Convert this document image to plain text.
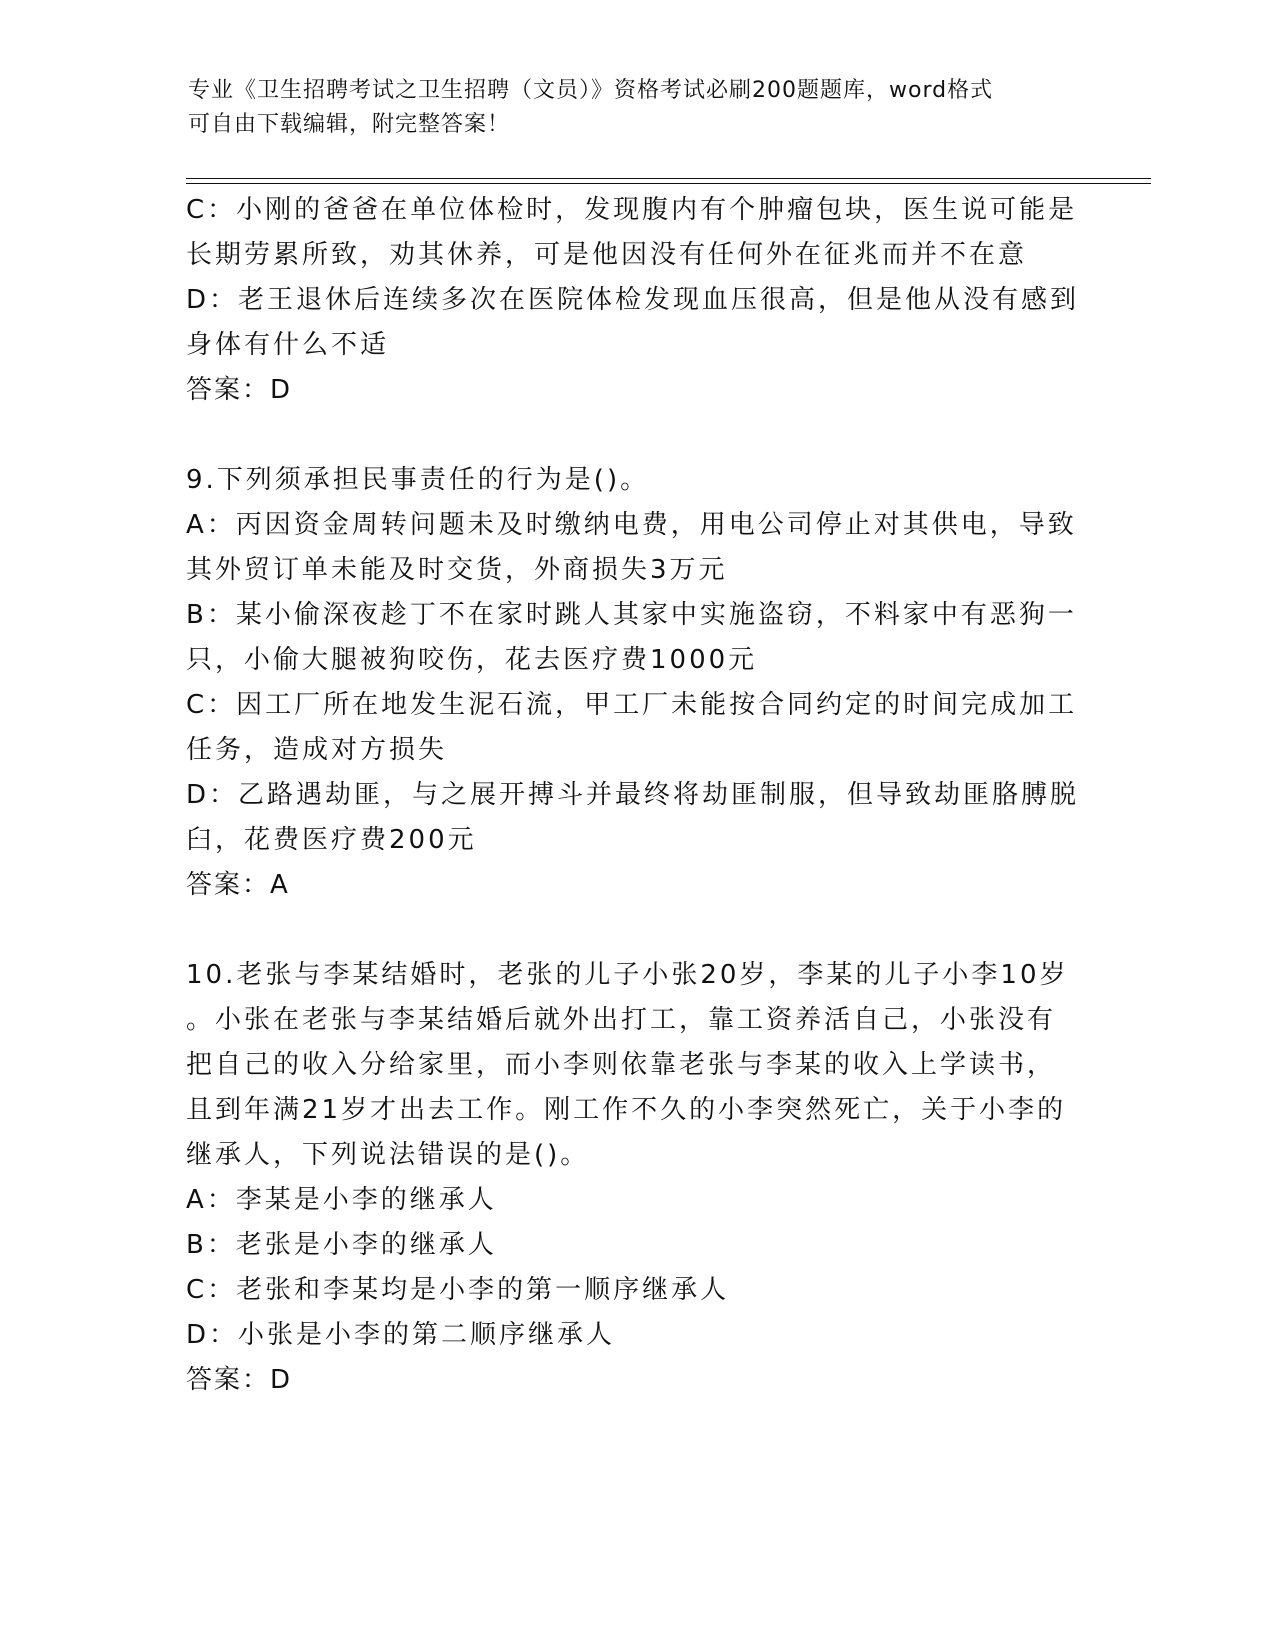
专业《卫生招聘考试之卫生招聘（文员）》资格考试必刷200题题库，word格式
可自由下载编辑，附完整答案！
C：小刚的爸爸在单位体检时，发现腹内有个肿瘤包块，医生说可能是
长期劳累所致，劝其休养，可是他因没有任何外在征兆而并不在意
D：老王退休后连续多次在医院体检发现血压很高，但是他从没有感到
身体有什么不适
答案：D
9.下列须承担民事责任的行为是()。
A：丙因资金周转问题未及时缴纳电费，用电公司停止对其供电，导致
其外贸订单未能及时交货，外商损失3万元
B：某小偷深夜趁丁不在家时跳人其家中实施盗窃，不料家中有恶狗一
只，小偷大腿被狗咬伤，花去医疗费1000元
C：因工厂所在地发生泥石流，甲工厂未能按合同约定的时间完成加工
任务，造成对方损失
D：乙路遇劫匪，与之展开搏斗并最终将劫匪制服，但导致劫匪胳膊脱
臼，花费医疗费200元
答案：A
10.老张与李某结婚时，老张的儿子小张20岁，李某的儿子小李10岁
。小张在老张与李某结婚后就外出打工，靠工资养活自己，小张没有
把自己的收入分给家里，而小李则依靠老张与李某的收入上学读书，
且到年满21岁才出去工作。刚工作不久的小李突然死亡，关于小李的
继承人，下列说法错误的是()。
A：李某是小李的继承人
B：老张是小李的继承人
C：老张和李某均是小李的第一顺序继承人
D：小张是小李的第二顺序继承人
答案：D
